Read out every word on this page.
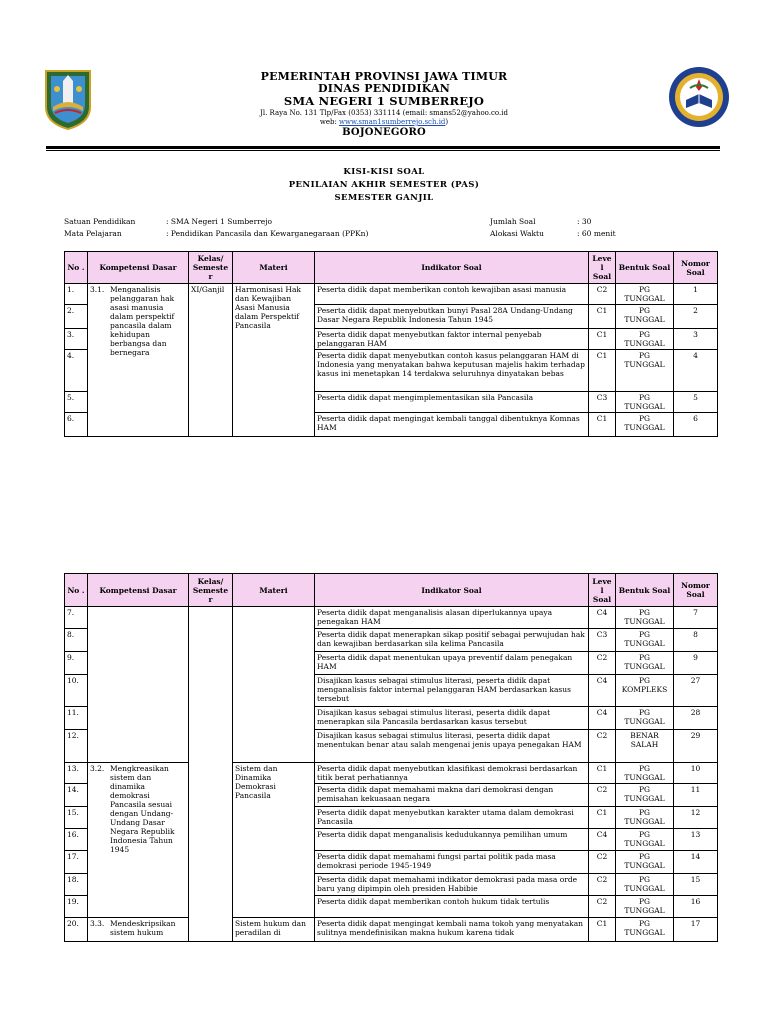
PEMERINTAH PROVINSI JAWA TIMUR
DINAS PENDIDIKAN
SMA NEGERI 1 SUMBERREJO
Jl. Raya No. 131 Tlp/Fax (0353) 331114 (email: smans52@yahoo.co.id
web: www.sman1sumberrejo.sch.id)
BOJONEGORO
KISI-KISI SOAL
PENILAIAN AKHIR SEMESTER (PAS)
SEMESTER GANJIL
Satuan Pendidikan	: SMA Negeri 1 Sumberrejo
Mata Pelajaran	: Pendidikan Pancasila dan Kewarganegaraan (PPKn)
Jumlah Soal	: 30
Alokasi Waktu	: 60 menit
No .	Kompetensi Dasar	Kelas/ Semeste r	Materi	Indikator Soal	Leve l Soal	Bentuk Soal	Nomor Soal
1.	3.1. Menganalisis pelanggaran hak asasi manusia dalam perspektif pancasila dalam kehidupan berbangsa dan bernegara	XI/Ganjil	Harmonisasi Hak dan Kewajiban Asasi Manusia dalam Perspektif Pancasila	Peserta didik dapat memberikan contoh kewajiban asasi manusia	C2	PG TUNGGAL	1
2.				Peserta didik dapat menyebutkan bunyi Pasal 28A Undang-Undang Dasar Negara Republik Indonesia Tahun 1945	C1	PG TUNGGAL	2
3.				Peserta didik dapat menyebutkan faktor internal penyebab pelanggaran HAM	C1	PG TUNGGAL	3
4.				Peserta didik dapat menyebutkan contoh kasus pelanggaran HAM di Indonesia yang menyatakan bahwa keputusan majelis hakim terhadap kasus ini menetapkan 14 terdakwa seluruhnya dinyatakan bebas	C1	PG TUNGGAL	4
5.				Peserta didik dapat mengimplementasikan sila Pancasila	C3	PG TUNGGAL	5
6.				Peserta didik dapat mengingat kembali tanggal dibentuknya Komnas HAM	C1	PG TUNGGAL	6
No .	Kompetensi Dasar	Kelas/ Semeste r	Materi	Indikator Soal	Leve l Soal	Bentuk Soal	Nomor Soal
7.				Peserta didik dapat menganalisis alasan diperlukannya upaya penegakan HAM	C4	PG TUNGGAL	7
8.				Peserta didik dapat menerapkan sikap positif sebagai perwujudan hak dan kewajiban berdasarkan sila kelima Pancasila	C3	PG TUNGGAL	8
9.				Peserta didik dapat menentukan upaya preventif dalam penegakan HAM	C2	PG TUNGGAL	9
10.				Disajikan kasus sebagai stimulus literasi, peserta didik dapat menganalisis faktor internal pelanggaran HAM berdasarkan kasus tersebut	C4	PG KOMPLEKS	27
11.				Disajikan kasus sebagai stimulus literasi, peserta didik dapat menerapkan sila Pancasila berdasarkan kasus tersebut	C4	PG TUNGGAL	28
12.				Disajikan kasus sebagai stimulus literasi, peserta didik dapat menentukan benar atau salah mengenai jenis upaya penegakan HAM	C2	BENAR SALAH	29
13.	3.2. Mengkreasikan sistem dan dinamika demokrasi Pancasila sesuai dengan Undang-Undang Dasar Negara Republik Indonesia Tahun 1945		Sistem dan Dinamika Demokrasi Pancasila	Peserta didik dapat menyebutkan klasifikasi demokrasi berdasarkan titik berat perhatiannya	C1	PG TUNGGAL	10
14.				Peserta didik dapat memahami makna dari demokrasi dengan pemisahan kekuasaan negara	C2	PG TUNGGAL	11
15.				Peserta didik dapat menyebutkan karakter utama dalam demokrasi Pancasila	C1	PG TUNGGAL	12
16.				Peserta didik dapat menganalisis kedudukannya pemilihan umum	C4	PG TUNGGAL	13
17.				Peserta didik dapat memahami fungsi partai politik pada masa demokrasi periode 1945-1949	C2	PG TUNGGAL	14
18.				Peserta didik dapat memahami indikator demokrasi pada masa orde baru yang dipimpin oleh presiden Habibie	C2	PG TUNGGAL	15
19.				Peserta didik dapat memberikan contoh hukum tidak tertulis	C2	PG TUNGGAL	16
20.	3.3. Mendeskripsikan sistem hukum		Sistem hukum dan peradilan di	Peserta didik dapat mengingat kembali nama tokoh yang menyatakan sulitnya mendefinisikan makna hukum karena tidak	C1	PG TUNGGAL	17
